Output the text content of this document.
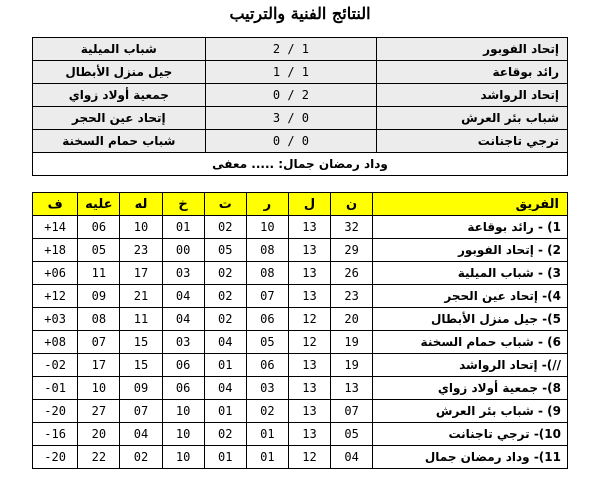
النتائج الفنية والترتيب
إتحاد الفوبور	2 / 1	شباب الميلية
رائد بوقاعة	1 / 1	جيل منزل الأبطال
إتحاد الرواشد	0 / 2	جمعية أولاد زواي
شباب بئر العرش	3 / 0	إتحاد عين الحجر
ترجي تاجنانت	0 / 0	شباب حمام السخنة
وداد رمضان جمال: ..... معفى		
الفريق	ن	ل	ر	ت	خ	له	عليه	ف
1) - رائد بوقاعة	32	13	10	02	01	10	06	+14
2) - إتحاد الفوبور	29	13	08	05	00	23	05	+18
3) - شباب الميلية	26	13	08	02	03	17	11	+06
4)- إتحاد عين الحجر	23	13	07	02	04	21	09	+12
5)- جيل منزل الأبطال	20	12	06	02	04	11	08	+03
6) - شباب حمام السخنة	19	12	05	04	03	15	07	+08
//)- إتحاد الرواشد	19	13	06	01	06	15	17	-02
8)- جمعية أولاد زواي	13	13	03	04	06	09	10	-01
9) - شباب بئر العرش	07	13	02	01	10	07	27	-20
10)- ترجي تاجنانت	05	13	01	02	10	04	20	-16
11)- وداد رمضان جمال	04	12	01	01	10	02	22	-20
